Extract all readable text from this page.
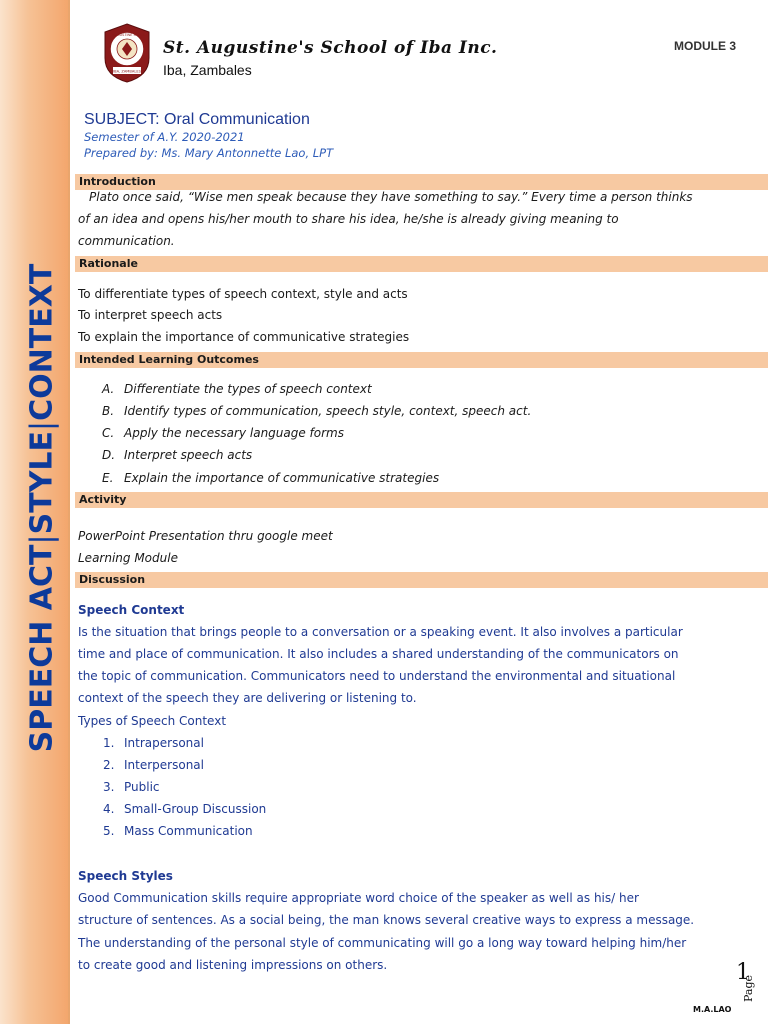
SPEECH ACT|STYLE|CONTEXT
ST. AUGUSTINE SCHOOL
IBA, ZAMBALES
St. Augustine's School of Iba Inc.
Iba, Zambales
MODULE 3
SUBJECT: Oral Communication
Semester of A.Y. 2020-2021
Prepared by: Ms. Mary Antonnette Lao, LPT
Introduction
Plato once said, “Wise men speak because they have something to say.” Every time a person thinks
of an idea and opens his/her mouth to share his idea, he/she is already giving meaning to
communication.
Rationale
To differentiate types of speech context, style and acts
To interpret speech acts
To explain the importance of communicative strategies
Intended Learning Outcomes
A. Differentiate the types of speech context
B. Identify types of communication, speech style, context, speech act.
C. Apply the necessary language forms
D. Interpret speech acts
E. Explain the importance of communicative strategies
Activity
PowerPoint Presentation thru google meet
Learning Module
Discussion
Speech Context
Is the situation that brings people to a conversation or a speaking event. It also involves a particular
time and place of communication. It also includes a shared understanding of the communicators on
the topic of communication. Communicators need to understand the environmental and situational
context of the speech they are delivering or listening to.
Types of Speech Context
1. Intrapersonal
2. Interpersonal
3. Public
4. Small-Group Discussion
5. Mass Communication
Speech Styles
Good Communication skills require appropriate word choice of the speaker as well as his/ her
structure of sentences. As a social being, the man knows several creative ways to express a message.
The understanding of the personal style of communicating will go a long way toward helping him/her
to create good and listening impressions on others.
Page
1
M.A.LAO
